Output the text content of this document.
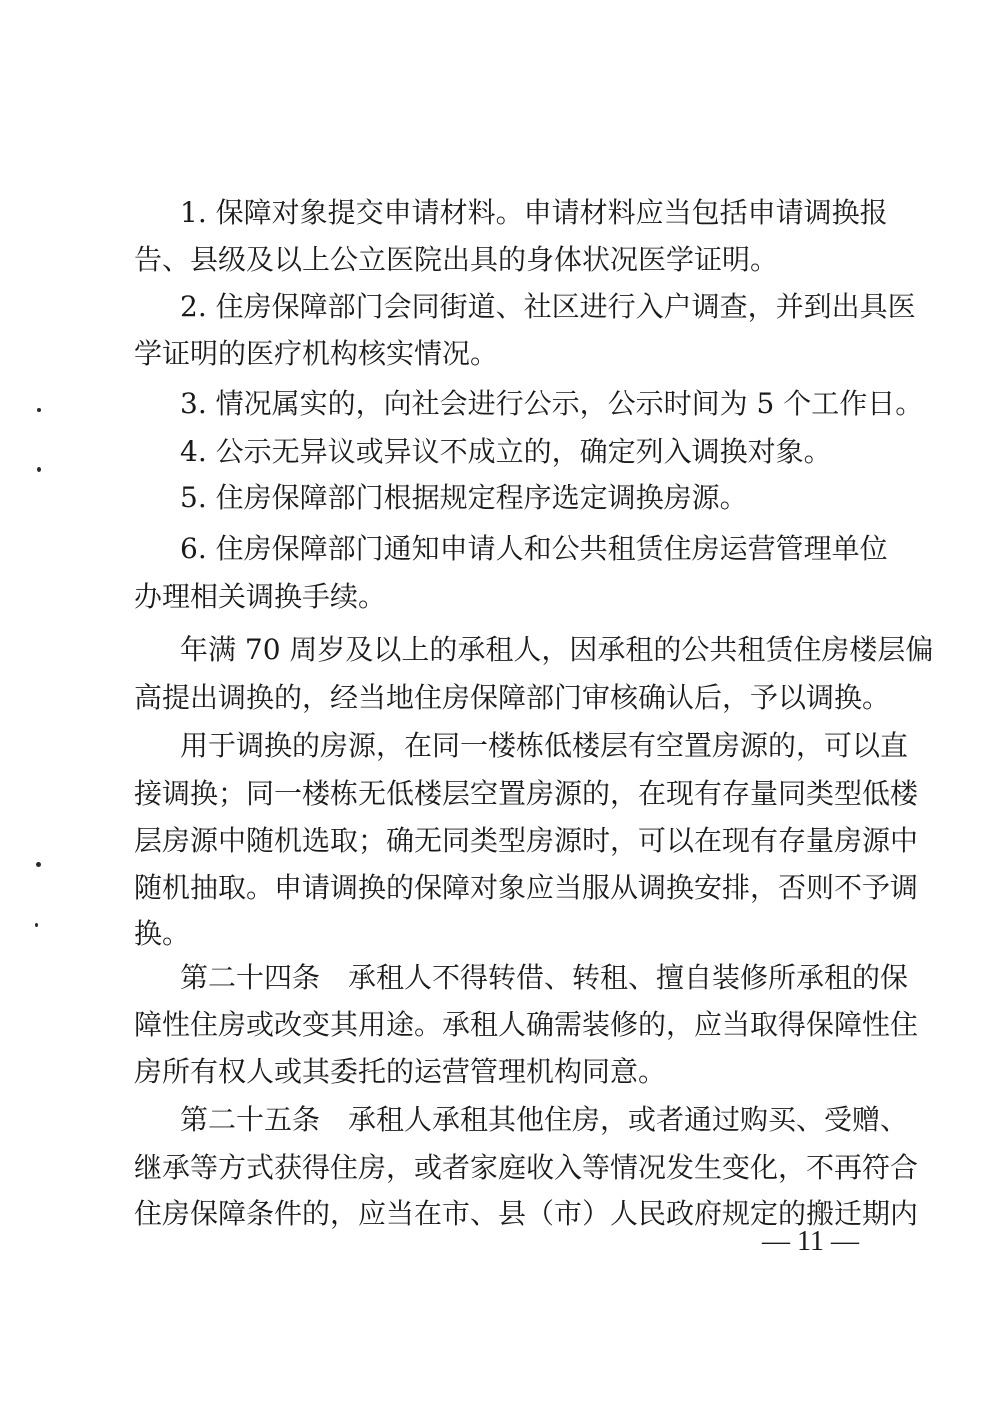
1. 保障对象提交申请材料。申请材料应当包括申请调换报
告、县级及以上公立医院出具的身体状况医学证明。
2. 住房保障部门会同街道、社区进行入户调查，并到出具医
学证明的医疗机构核实情况。
3. 情况属实的，向社会进行公示，公示时间为 5 个工作日。
4. 公示无异议或异议不成立的，确定列入调换对象。
5. 住房保障部门根据规定程序选定调换房源。
6. 住房保障部门通知申请人和公共租赁住房运营管理单位
办理相关调换手续。
年满 70 周岁及以上的承租人，因承租的公共租赁住房楼层偏
高提出调换的，经当地住房保障部门审核确认后，予以调换。
用于调换的房源，在同一楼栋低楼层有空置房源的，可以直
接调换；同一楼栋无低楼层空置房源的，在现有存量同类型低楼
层房源中随机选取；确无同类型房源时，可以在现有存量房源中
随机抽取。申请调换的保障对象应当服从调换安排，否则不予调
换。
第二十四条　承租人不得转借、转租、擅自装修所承租的保
障性住房或改变其用途。承租人确需装修的，应当取得保障性住
房所有权人或其委托的运营管理机构同意。
第二十五条　承租人承租其他住房，或者通过购买、受赠、
继承等方式获得住房，或者家庭收入等情况发生变化，不再符合
住房保障条件的，应当在市、县（市）人民政府规定的搬迁期内
— 11 —
